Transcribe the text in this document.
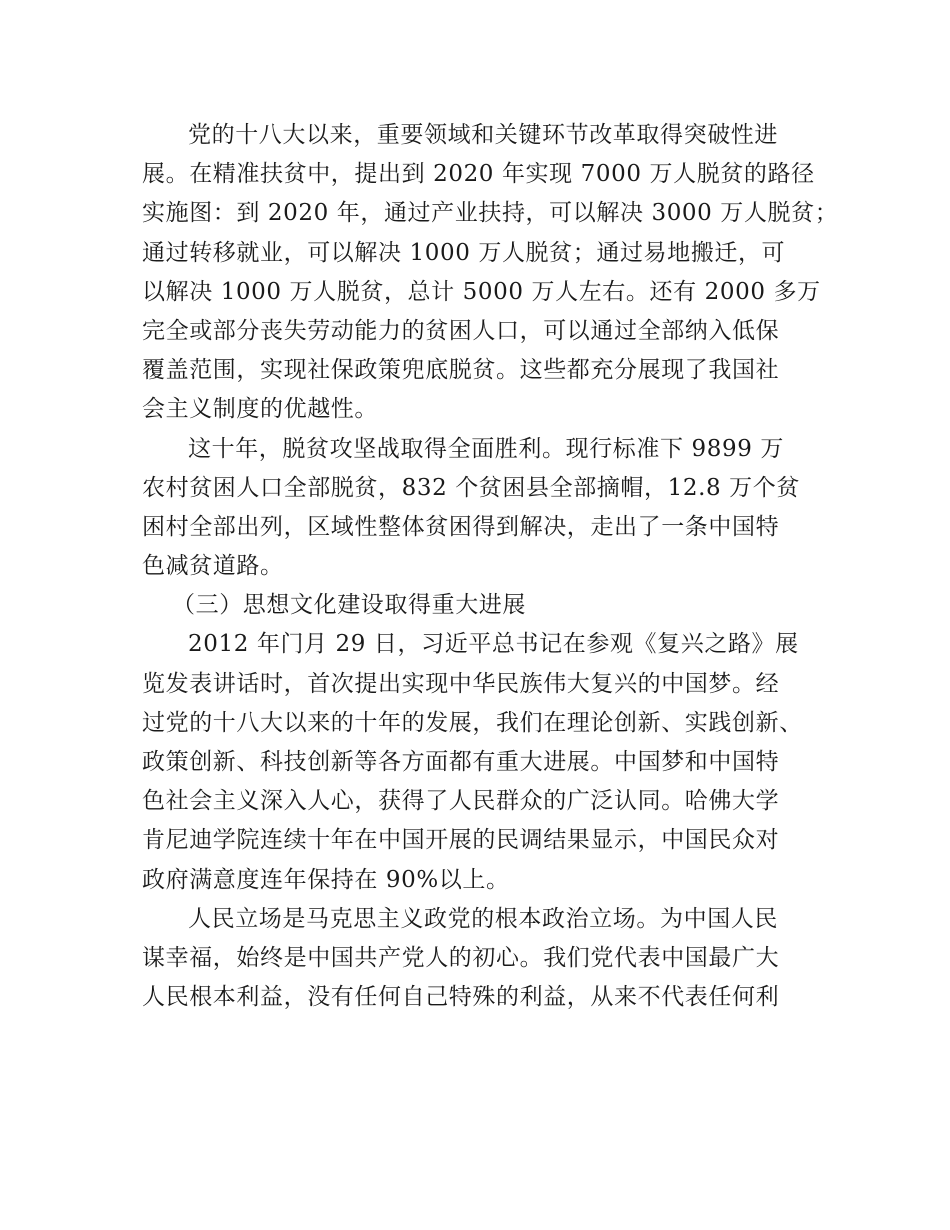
党的十八大以来，重要领域和关键环节改革取得突破性进
展。在精准扶贫中，提出到 2020 年实现 7000 万人脱贫的路径
实施图：到 2020 年，通过产业扶持，可以解决 3000 万人脱贫；
通过转移就业，可以解决 1000 万人脱贫；通过易地搬迁，可
以解决 1000 万人脱贫，总计 5000 万人左右。还有 2000 多万
完全或部分丧失劳动能力的贫困人口，可以通过全部纳入低保
覆盖范围，实现社保政策兜底脱贫。这些都充分展现了我国社
会主义制度的优越性。
这十年，脱贫攻坚战取得全面胜利。现行标准下 9899 万
农村贫困人口全部脱贫，832 个贫困县全部摘帽，12.8 万个贫
困村全部出列，区域性整体贫困得到解决，走出了一条中国特
色减贫道路。
（三）思想文化建设取得重大进展
2012 年门月 29 日，习近平总书记在参观《复兴之路》展
览发表讲话时，首次提出实现中华民族伟大复兴的中国梦。经
过党的十八大以来的十年的发展，我们在理论创新、实践创新、
政策创新、科技创新等各方面都有重大进展。中国梦和中国特
色社会主义深入人心，获得了人民群众的广泛认同。哈佛大学
肯尼迪学院连续十年在中国开展的民调结果显示，中国民众对
政府满意度连年保持在 90%以上。
人民立场是马克思主义政党的根本政治立场。为中国人民
谋幸福，始终是中国共产党人的初心。我们党代表中国最广大
人民根本利益，没有任何自己特殊的利益，从来不代表任何利
